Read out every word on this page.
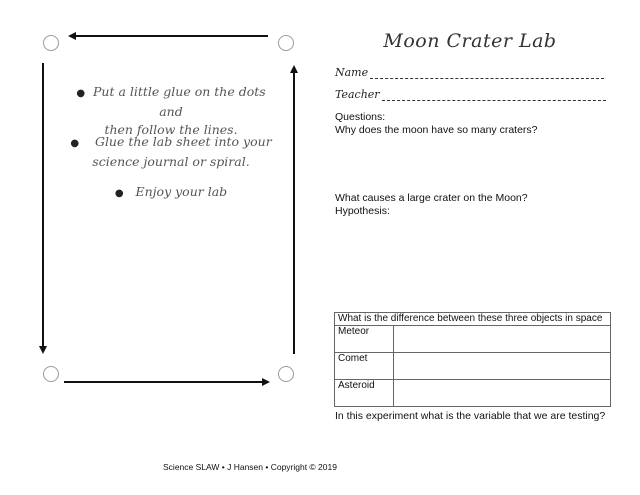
● Put a little glue on the dots and
then follow the lines.
● Glue the lab sheet into your
science journal or spiral.
● Enjoy your lab
Moon Crater Lab
Name
Teacher
Questions:
Why does the moon have so many craters?
What causes a large crater on the Moon?
Hypothesis:
What is the difference between these three objects in space	
Meteor	
Comet	
Asteroid	
In this experiment what is the variable that we are testing?
Science SLAW • J Hansen • Copyright © 2019
